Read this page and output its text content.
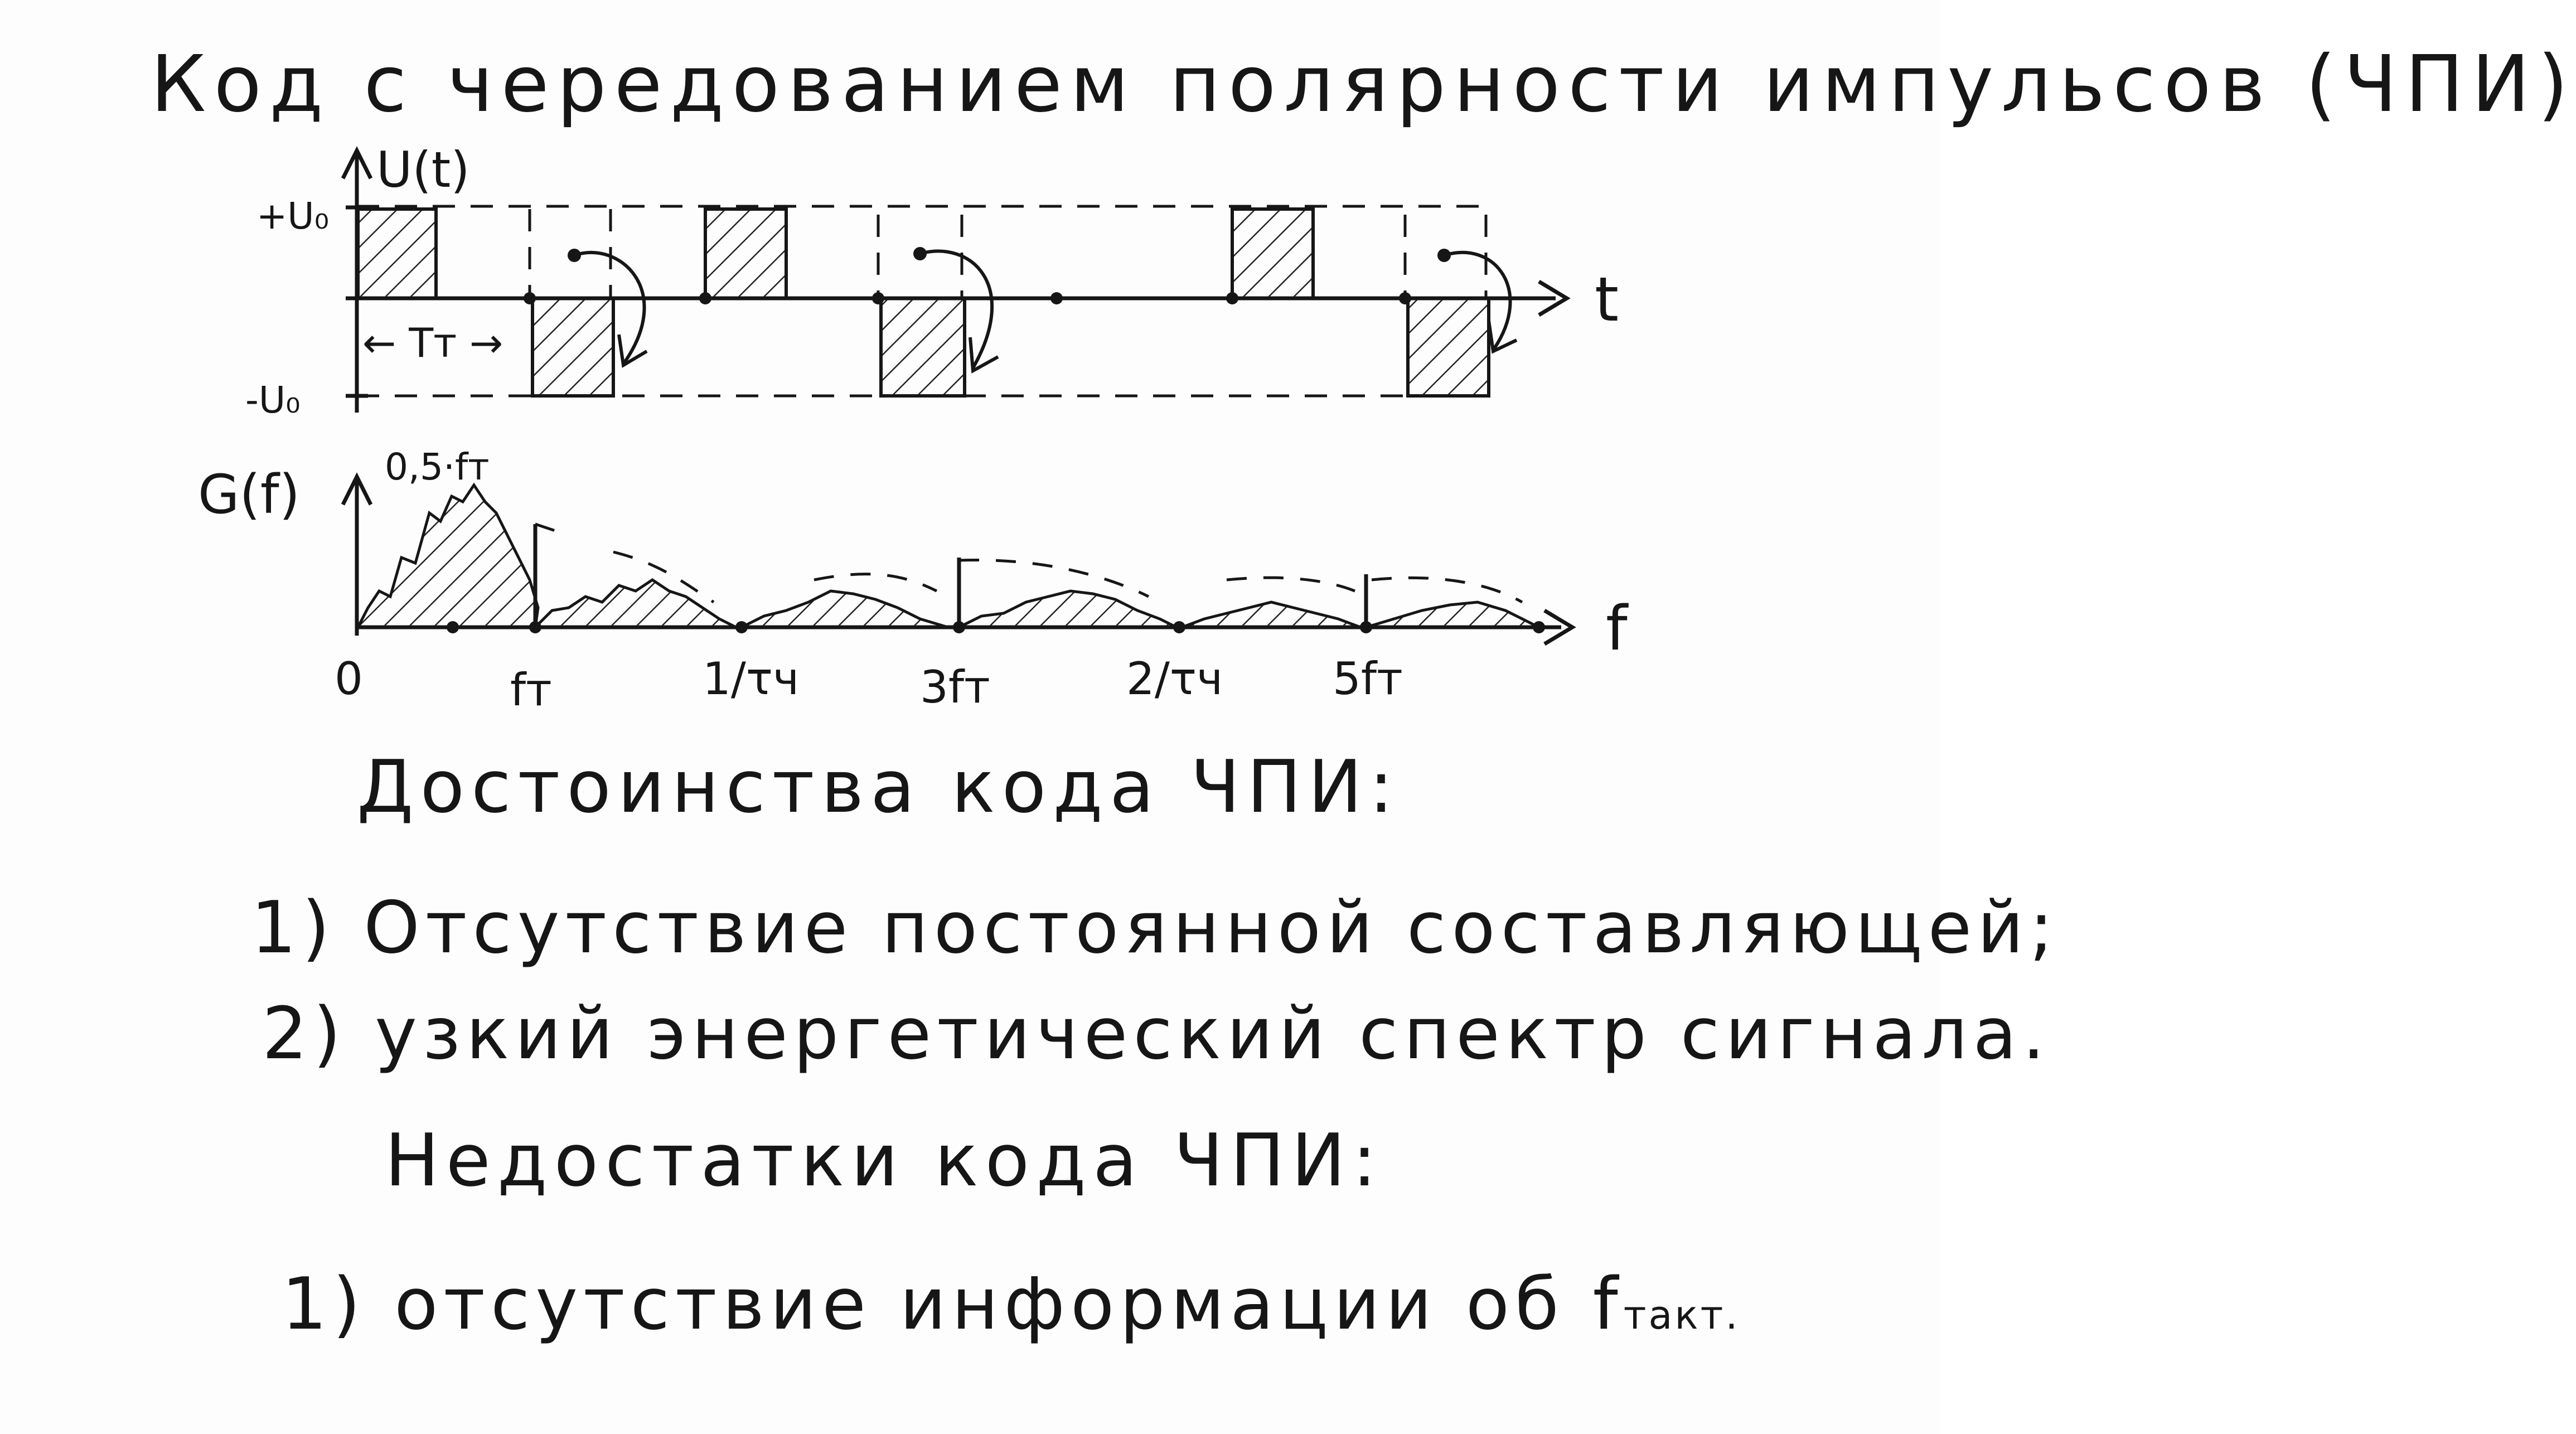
Код с чередованием полярности импульсов (ЧПИ)
U(t)
t
+U₀
-U₀
← Tт →
G(f)
f
0,5·fт
0	fт	1/τч	3fт	2/τч 5fт
Достоинства кода ЧПИ:
1) Отсутствие постоянной составляющей;
2) узкий энергетический спектр сигнала.
Недостатки кода ЧПИ:
1) отсутствие информации об fтакт.
